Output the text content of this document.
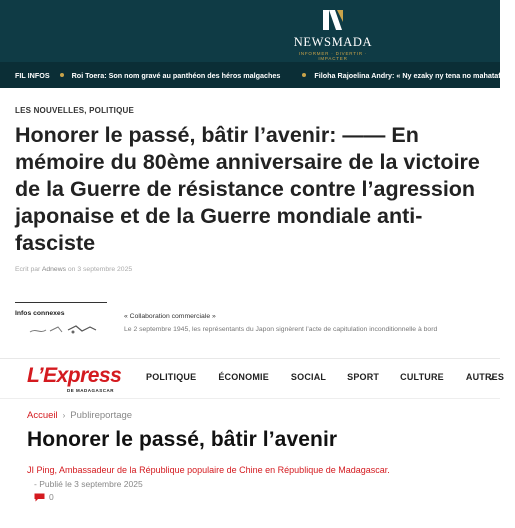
NEWSMADA
INFORMER · DIVERTIR · IMPACTER
FIL INFOS	Roi Toera: Son nom gravé au panthéon des héros malgaches	Filoha Rajoelina Andry: « Ny ezaky ny tena no mahatafita »
LES NOUVELLES, POLITIQUE
Honorer le passé, bâtir l’avenir: —— En mémoire du 80ème anniversaire de la victoire de la Guerre de résistance contre l’agression japonaise et de la Guerre mondiale anti-fasciste
Ecrit par Adnews on 3 septembre 2025
Infos connexes	« Collaboration commerciale »
Le 2 septembre 1945, les représentants du Japon signèrent l’acte de capitulation inconditionnelle à bord
L’Express
DE MADAGASCAR
POLITIQUE ÉCONOMIE SOCIAL SPORT CULTURE AUTRES
Accueil › Publireportage
Honorer le passé, bâtir l’avenir
JI Ping, Ambassadeur de la République populaire de Chine en République de Madagascar.
- Publié le 3 septembre 2025
0
